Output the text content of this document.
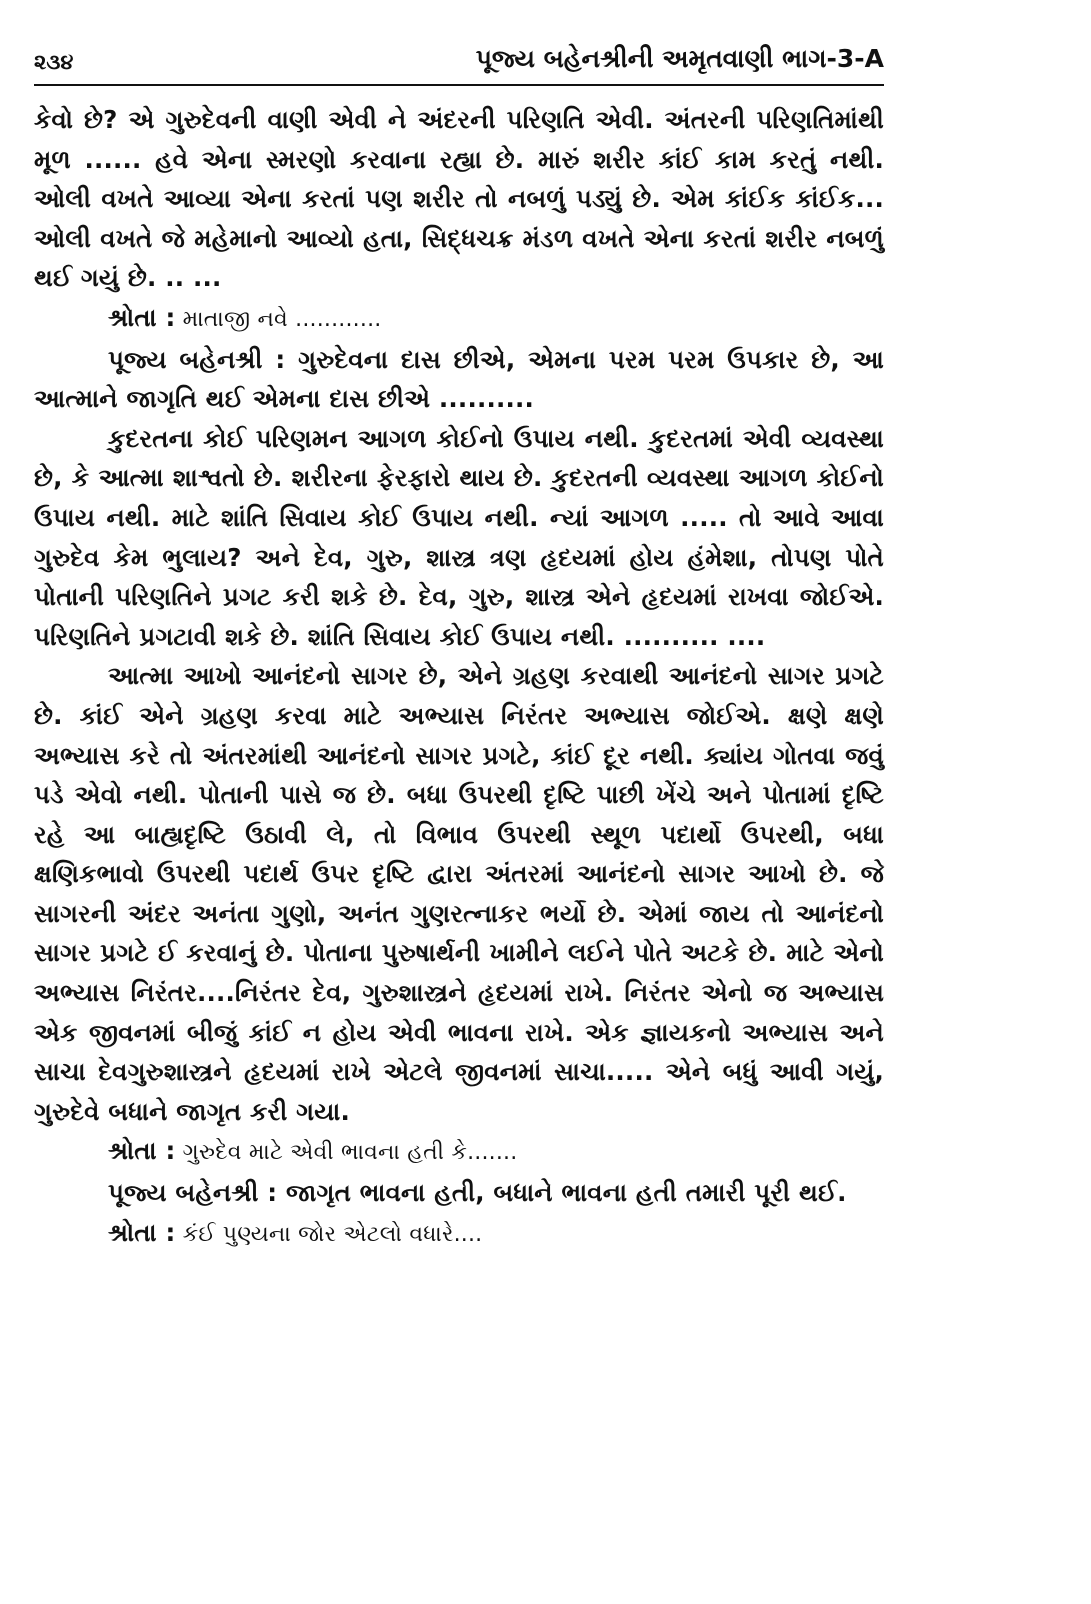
૨૩૪	પૂજ્ય બહેનશ્રીની અમૃતવાણી ભાગ-3-A

કેવો છે? એ ગુરુદેવની વાણી એવી ને અંદરની પરિણતિ એવી. અંતરની પરિણતિમાંથી મૂળ ...... હવે એના સ્મરણો કરવાના રહ્યા છે. મારું શરીર કાંઈ કામ કરતું નથી. ઓલી વખતે આવ્યા એના કરતાં પણ શરીર તો નબળું પડ્યું છે. એમ કાંઈક કાંઈક... ઓલી વખતે જે મહેમાનો આવ્યો હતા, સિદ્ધચક્ર મંડળ વખતે એના કરતાં શરીર નબળું થઈ ગયું છે. .. ...

શ્રોતા : માતાજી નવે ............

પૂજ્ય બહેનશ્રી : ગુરુદેવના દાસ છીએ, એમના પરમ પરમ ઉપકાર છે, આ આત્માને જાગૃતિ થઈ એમના દાસ છીએ ..........

કુદરતના કોઈ પરિણમન આગળ કોઈનો ઉપાય નથી. કુદરતમાં એવી વ્યવસ્થા છે, કે આત્મા શાશ્વતો છે. શરીરના ફેરફારો થાય છે. કુદરતની વ્યવસ્થા આગળ કોઈનો ઉપાય નથી. માટે શાંતિ સિવાય કોઈ ઉપાય નથી. ન્યાં આગળ ..... તો આવે આવા ગુરુદેવ કેમ ભુલાય? અને દેવ, ગુરુ, શાસ્ત્ર ત્રણ હૃદયમાં હોય હંમેશા, તોપણ પોતે પોતાની પરિણતિને પ્રગટ કરી શકે છે. દેવ, ગુરુ, શાસ્ત્ર એને હૃદયમાં રાખવા જોઈએ. પરિણતિને પ્રગટાવી શકે છે. શાંતિ સિવાય કોઈ ઉપાય નથી. .......... ....

આત્મા આખો આનંદનો સાગર છે, એને ગ્રહણ કરવાથી આનંદનો સાગર પ્રગટે છે. કાંઈ એને ગ્રહણ કરવા માટે અભ્યાસ નિરંતર અભ્યાસ જોઈએ. ક્ષણે ક્ષણે અભ્યાસ કરે તો અંતરમાંથી આનંદનો સાગર પ્રગટે, કાંઈ દૂર નથી. ક્યાંય ગોતવા જવું પડે એવો નથી. પોતાની પાસે જ છે. બધા ઉપરથી દૃષ્ટિ પાછી ખેંચે અને પોતામાં દૃષ્ટિ રહે આ બાહ્યદૃષ્ટિ ઉઠાવી લે, તો વિભાવ ઉપરથી સ્થૂળ પદાર્થો ઉપરથી, બધા ક્ષણિકભાવો ઉપરથી પદાર્થ ઉપર દૃષ્ટિ દ્વારા અંતરમાં આનંદનો સાગર આખો છે. જે સાગરની અંદર અનંતા ગુણો, અનંત ગુણરત્નાકર ભર્યો છે. એમાં જાય તો આનંદનો સાગર પ્રગટે ઈ કરવાનું છે. પોતાના પુરુષાર્થની ખામીને લઈને પોતે અટકે છે. માટે એનો અભ્યાસ નિરંતર....નિરંતર દેવ, ગુરુશાસ્ત્રને હૃદયમાં રાખે. નિરંતર એનો જ અભ્યાસ એક જીવનમાં બીજું કાંઈ ન હોય એવી ભાવના રાખે. એક જ્ઞાયકનો અભ્યાસ અને સાચા દેવગુરુશાસ્ત્રને હૃદયમાં રાખે એટલે જીવનમાં સાચા..... એને બધું આવી ગયું, ગુરુદેવે બધાને જાગૃત કરી ગયા.

શ્રોતા : ગુરુદેવ માટે એવી ભાવના હતી કે.......

પૂજ્ય બહેનશ્રી : જાગૃત ભાવના હતી, બધાને ભાવના હતી તમારી પૂરી થઈ.

શ્રોતા : કંઈ પુણ્યના જોર એટલો વધારે....
